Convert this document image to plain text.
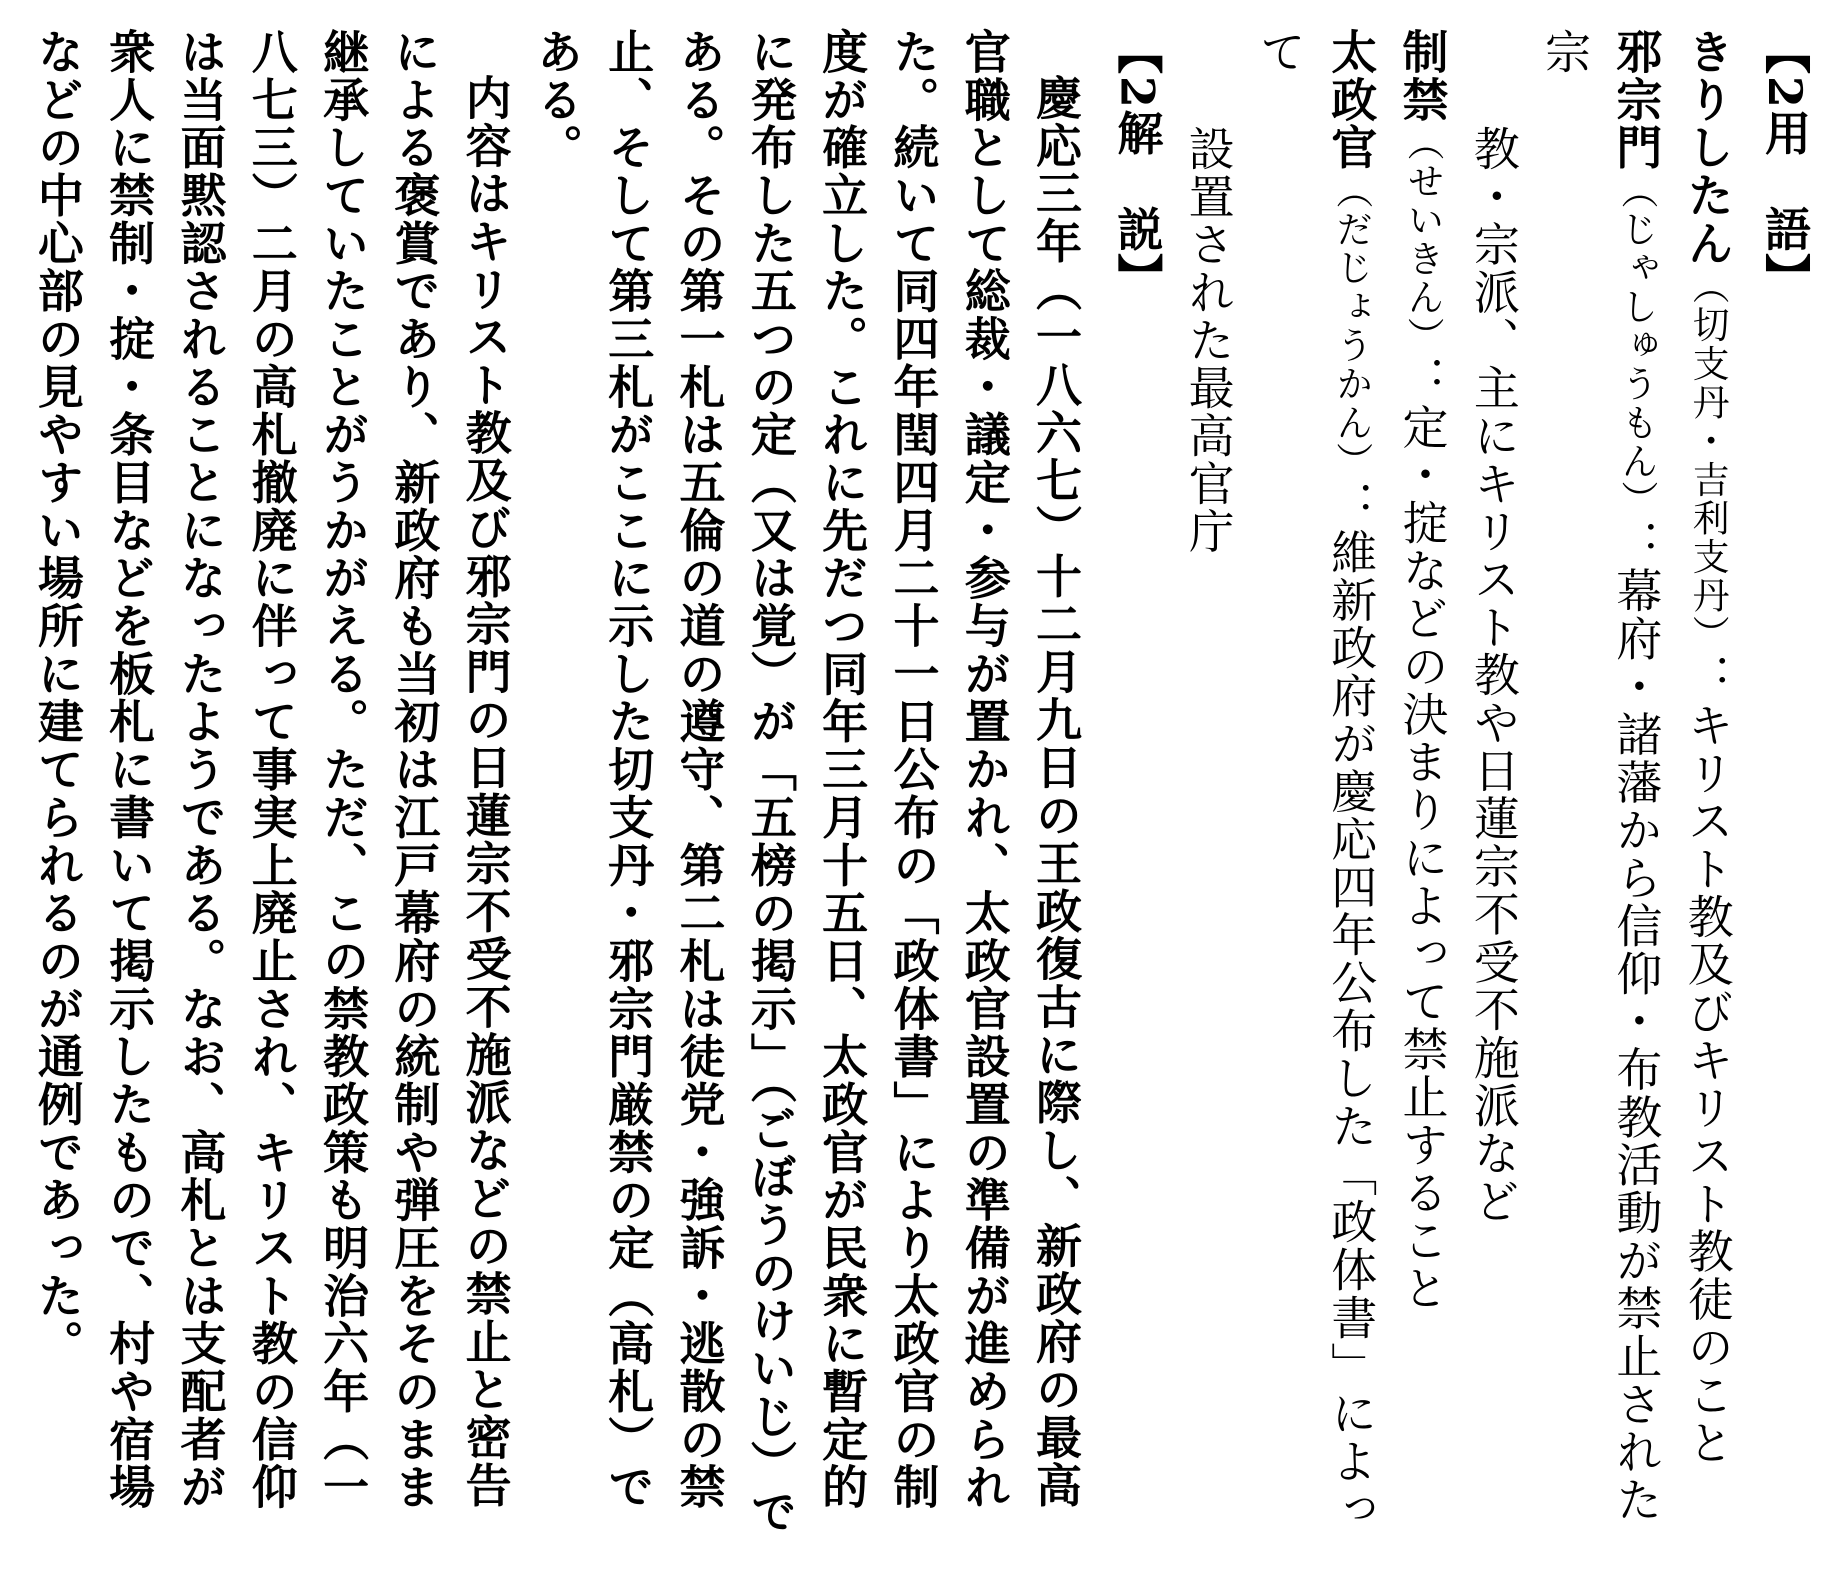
【2用　語】

きりしたん（切支丹・吉利支丹）：キリスト教及びキリスト教徒のこと

邪宗門（じゃしゅうもん）：幕府・諸藩から信仰・布教活動が禁止された宗

教・宗派、主にキリスト教や日蓮宗不受不施派など

制禁（せいきん）：定・掟などの決まりによって禁止すること

太政官（だじょうかん）：維新政府が慶応四年公布した「政体書」によって

設置された最高官庁

【2解　説】

慶応三年（一八六七）十二月九日の王政復古に際し、新政府の最高官職として総裁・議定・参与が置かれ、太政官設置の準備が進められた。続いて同四年閏四月二十一日公布の「政体書」により太政官の制度が確立した。これに先だつ同年三月十五日、太政官が民衆に暫定的に発布した五つの定（又は覚）が「五榜の掲示」（ごぼうのけいじ）である。その第一札は五倫の道の遵守、第二札は徒党・強訴・逃散の禁止、そして第三札がここに示した切支丹・邪宗門厳禁の定（高札）である。

内容はキリスト教及び邪宗門の日蓮宗不受不施派などの禁止と密告による褒賞であり、新政府も当初は江戸幕府の統制や弾圧をそのまま継承していたことがうかがえる。ただ、この禁教政策も明治六年（一八七三）二月の高札撤廃に伴って事実上廃止され、キリスト教の信仰は当面黙認されることになったようである。なお、高札とは支配者が衆人に禁制・掟・条目などを板札に書いて掲示したもので、村や宿場などの中心部の見やすい場所に建てられるのが通例であった。
